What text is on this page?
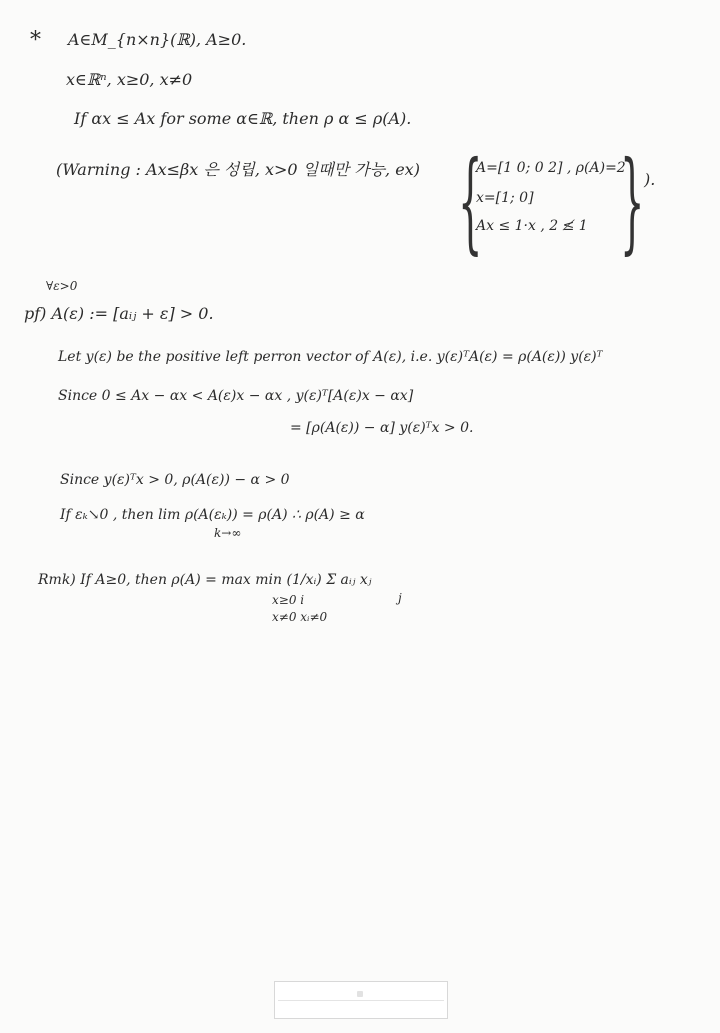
* A∈M_{n×n}(ℝ), A≥0.
x∈ℝⁿ, x≥0, x≠0
If αx ≤ Ax for some α∈ℝ, then ρ α ≤ ρ(A).
(Warning : Ax≤βx 은 성립, x>0 일때만 가능, ex) {
A=[1 0; 0 2] , ρ(A)=2
x=[1; 0]
Ax ≤ 1·x , 2 ≰ 1 } ).
∀ε>0
pf) A(ε) := [aᵢⱼ + ε] > 0.
Let y(ε) be the positive left perron vector of A(ε), i.e. y(ε)ᵀA(ε) = ρ(A(ε)) y(ε)ᵀ
Since 0 ≤ Ax − αx < A(ε)x − αx , y(ε)ᵀ[A(ε)x − αx]
= [ρ(A(ε)) − α] y(ε)ᵀx > 0.
Since y(ε)ᵀx > 0, ρ(A(ε)) − α > 0
If εₖ↘0 , then lim ρ(A(εₖ)) = ρ(A) ∴ ρ(A) ≥ α
k→∞
Rmk) If A≥0, then ρ(A) = max min (1/xᵢ) Σ aᵢⱼ xⱼ
x≥0 i
x≠0 xᵢ≠0
j
